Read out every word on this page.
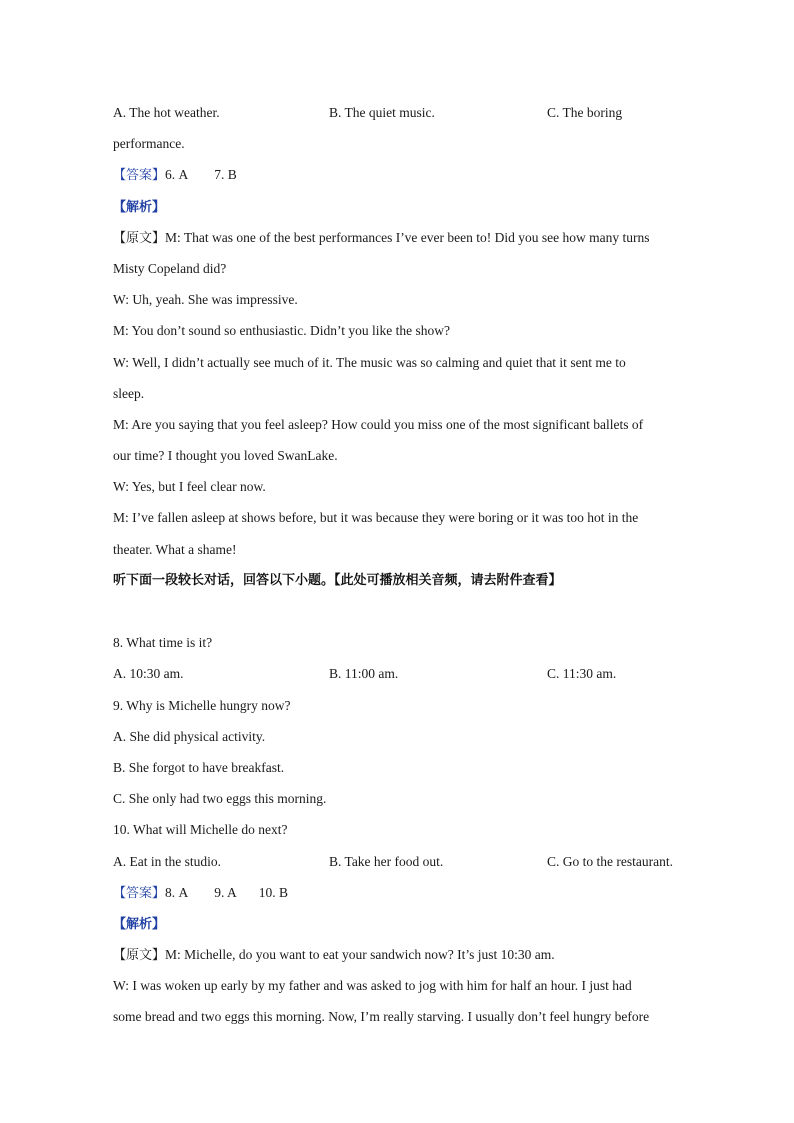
A. The hot weather.	B. The quiet music.	C. The boring
performance.
【答案】6. A 7. B
【解析】
【原文】M: That was one of the best performances I’ve ever been to! Did you see how many turns
Misty Copeland did?
W: Uh, yeah. She was impressive.
M: You don’t sound so enthusiastic. Didn’t you like the show?
W: Well, I didn’t actually see much of it. The music was so calming and quiet that it sent me to
sleep.
M: Are you saying that you feel asleep? How could you miss one of the most significant ballets of
our time? I thought you loved SwanLake.
W: Yes, but I feel clear now.
M: I’ve fallen asleep at shows before, but it was because they were boring or it was too hot in the
theater. What a shame!
听下面一段较长对话，回答以下小题。【此处可播放相关音频，请去附件查看】
8. What time is it?
A. 10:30 am.	B. 11:00 am.	C. 11:30 am.
9. Why is Michelle hungry now?
A. She did physical activity.
B. She forgot to have breakfast.
C. She only had two eggs this morning.
10. What will Michelle do next?
A. Eat in the studio.	B. Take her food out.	C. Go to the restaurant.
【答案】8. A 9. A 10. B
【解析】
【原文】M: Michelle, do you want to eat your sandwich now? It’s just 10:30 am.
W: I was woken up early by my father and was asked to jog with him for half an hour. I just had
some bread and two eggs this morning. Now, I’m really starving. I usually don’t feel hungry before
